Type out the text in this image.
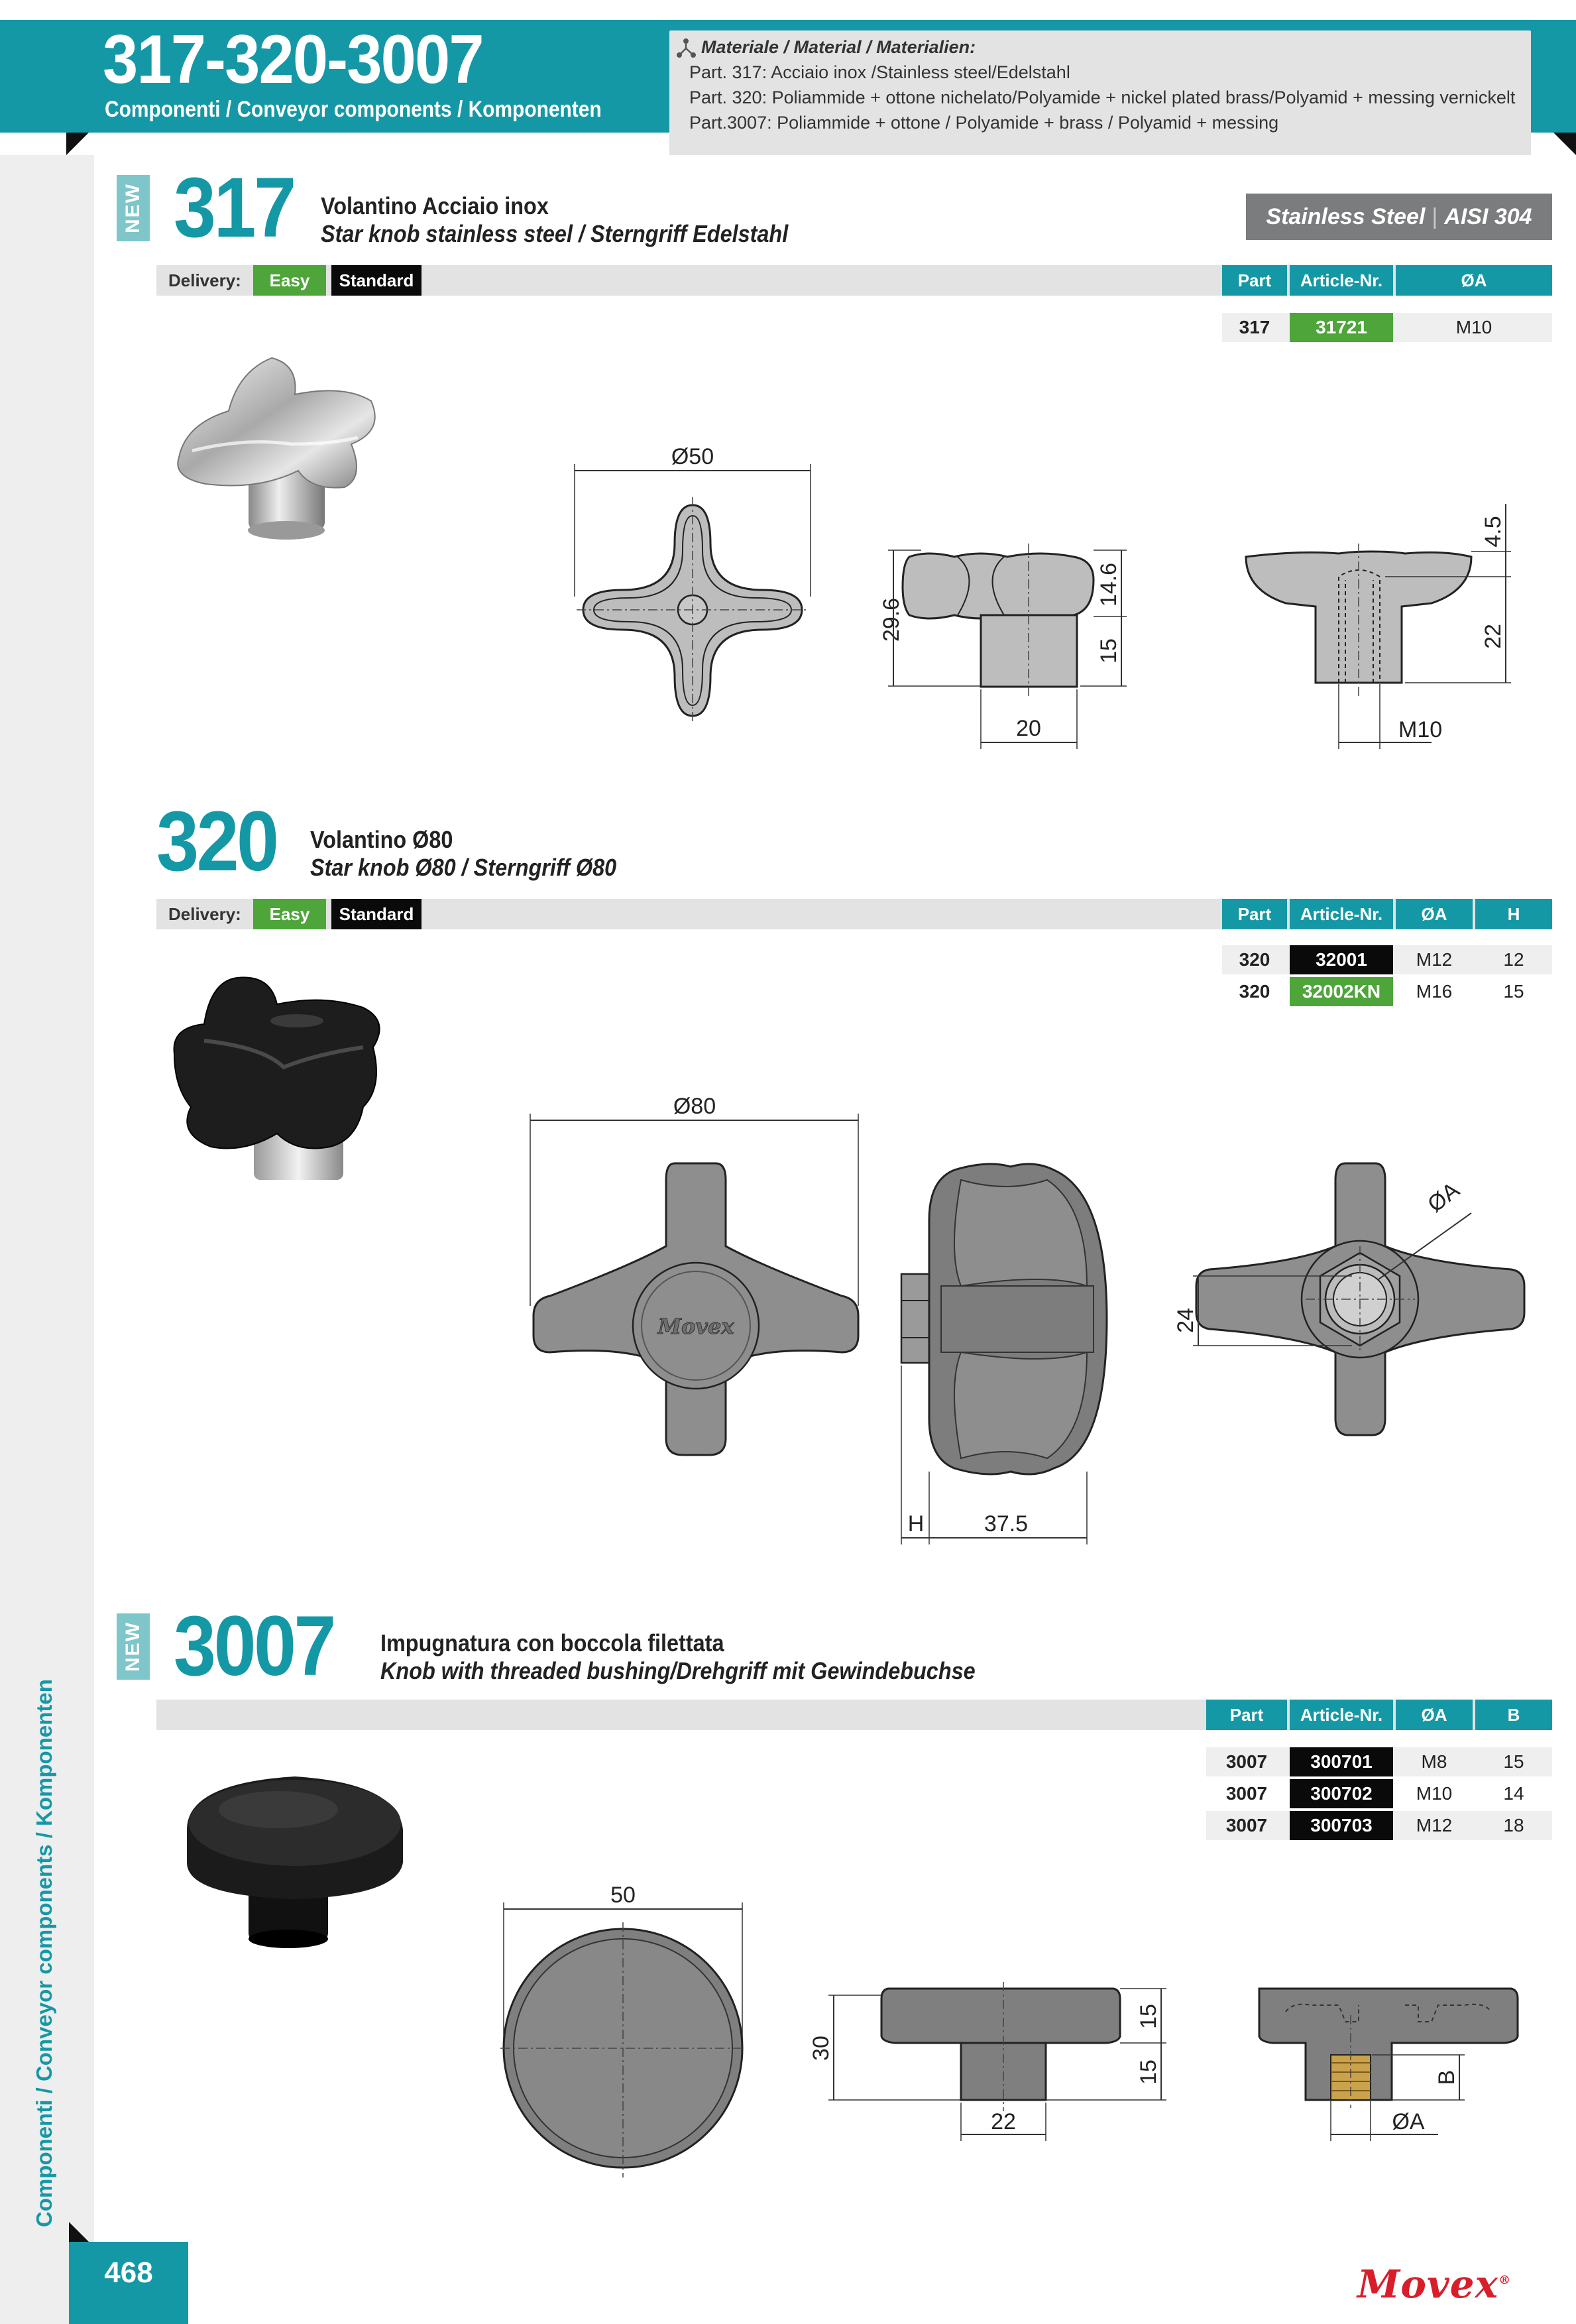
317-320-3007
Componenti / Conveyor components / Komponenten
Materiale / Material / Materialien:
Part. 317: Acciaio inox /Stainless steel/Edelstahl
Part. 320: Poliammide + ottone nichelato/Polyamide + nickel plated brass/Polyamid + messing vernickelt
Part.3007: Poliammide + ottone / Polyamide + brass / Polyamid + messing
Componenti / Conveyor components / Komponenten
468
NEW 317 Volantino Acciaio inox
Star knob stainless steel / Sterngriff Edelstahl
Stainless Steel | AISI 304
Delivery:	Easy	Standard	Part	Article-Nr.	ØA
317	31721	M10
Ø50
29.6
20
14.6
15
M10
4.5
22
320 Volantino Ø80
Star knob Ø80 / Sterngriff Ø80
Delivery:	Easy	Standard	Part	Article-Nr.	ØA	H
320	32001	M12	12
320	32002KN	M16	15
Ø80
Movex
H	37.5
ØA
24
NEW 3007 Impugnatura con boccola filettata
Knob with threaded bushing/Drehgriff mit Gewindebuchse
Part	Article-Nr.	ØA	B
3007	300701	M8	15
3007	300702	M10	14
3007	300703	M12	18
50
30
22
15
15
ØA
B
Movex®
